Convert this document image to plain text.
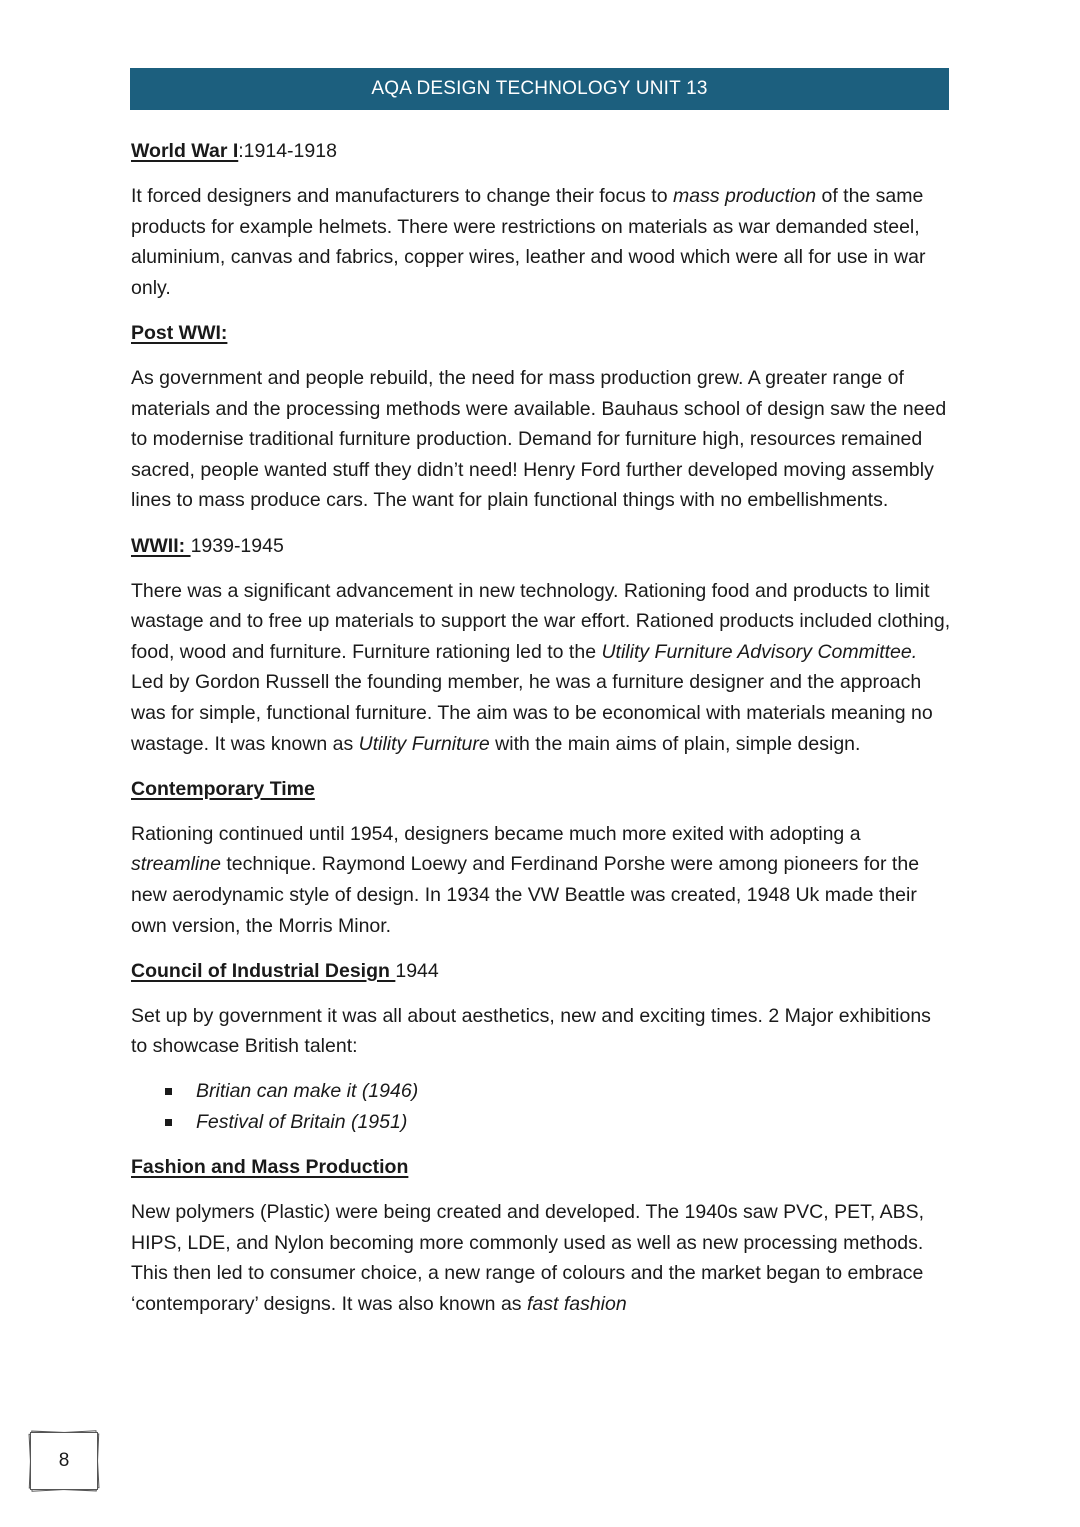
AQA DESIGN TECHNOLOGY UNIT 13

World War I:1914-1918

It forced designers and manufacturers to change their focus to mass production of the same products for example helmets. There were restrictions on materials as war demanded steel, aluminium, canvas and fabrics, copper wires, leather and wood which were all for use in war only.

Post WWI:

As government and people rebuild, the need for mass production grew. A greater range of materials and the processing methods were available. Bauhaus school of design saw the need to modernise traditional furniture production. Demand for furniture high, resources remained sacred, people wanted stuff they didn’t need! Henry Ford further developed moving assembly lines to mass produce cars. The want for plain functional things with no embellishments.

WWII: 1939-1945

There was a significant advancement in new technology. Rationing food and products to limit wastage and to free up materials to support the war effort. Rationed products included clothing, food, wood and furniture. Furniture rationing led to the Utility Furniture Advisory Committee. Led by Gordon Russell the founding member, he was a furniture designer and the approach was for simple, functional furniture. The aim was to be economical with materials meaning no wastage. It was known as Utility Furniture with the main aims of plain, simple design.

Contemporary Time

Rationing continued until 1954, designers became much more exited with adopting a streamline technique. Raymond Loewy and Ferdinand Porshe were among pioneers for the new aerodynamic style of design. In 1934 the VW Beattle was created, 1948 Uk made their own version, the Morris Minor.

Council of Industrial Design 1944

Set up by government it was all about aesthetics, new and exciting times. 2 Major exhibitions to showcase British talent:

Britian can make it (1946)
Festival of Britain (1951)

Fashion and Mass Production

New polymers (Plastic) were being created and developed. The 1940s saw PVC, PET, ABS, HIPS, LDE, and Nylon becoming more commonly used as well as new processing methods. This then led to consumer choice, a new range of colours and the market began to embrace ‘contemporary’ designs. It was also known as fast fashion

8
